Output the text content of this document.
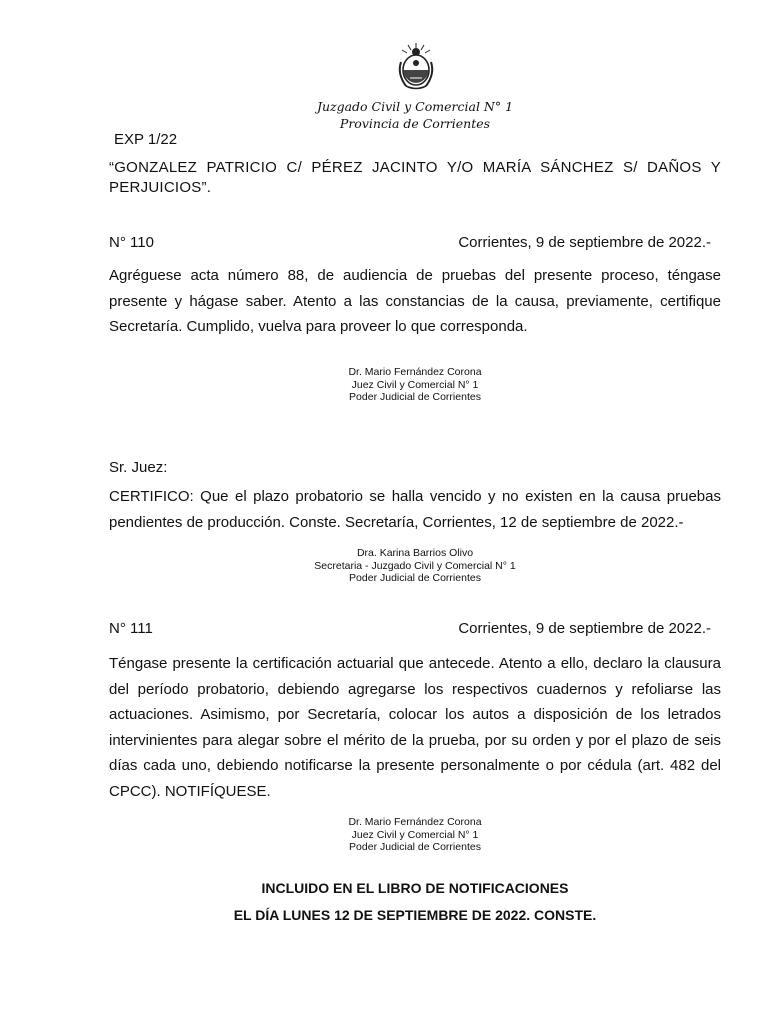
Juzgado Civil y Comercial N° 1
Provincia de Corrientes
EXP 1/22
“GONZALEZ PATRICIO C/ PÉREZ JACINTO Y/O MARÍA SÁNCHEZ S/ DAÑOS Y PERJUICIOS”.
N° 110	Corrientes, 9 de septiembre de 2022.-
Agréguese acta número 88, de audiencia de pruebas del presente proceso, téngase presente y hágase saber. Atento a las constancias de la causa, previamente, certifique Secretaría. Cumplido, vuelva para proveer lo que corresponda.
Dr. Mario Fernández Corona
Juez Civil y Comercial N° 1
Poder Judicial de Corrientes
Sr. Juez:
CERTIFICO: Que el plazo probatorio se halla vencido y no existen en la causa pruebas pendientes de producción. Conste. Secretaría, Corrientes, 12 de septiembre de 2022.-
Dra. Karina Barrios Olivo
Secretaria - Juzgado Civil y Comercial N° 1
Poder Judicial de Corrientes
N° 111	Corrientes, 9 de septiembre de 2022.-
Téngase presente la certificación actuarial que antecede. Atento a ello, declaro la clausura del período probatorio, debiendo agregarse los respectivos cuadernos y refoliarse las actuaciones. Asimismo, por Secretaría, colocar los autos a disposición de los letrados intervinientes para alegar sobre el mérito de la prueba, por su orden y por el plazo de seis días cada uno, debiendo notificarse la presente personalmente o por cédula (art. 482 del CPCC). NOTIFÍQUESE.
Dr. Mario Fernández Corona
Juez Civil y Comercial N° 1
Poder Judicial de Corrientes
INCLUIDO EN EL LIBRO DE NOTIFICACIONES
EL DÍA LUNES 12 DE SEPTIEMBRE DE 2022. CONSTE.
